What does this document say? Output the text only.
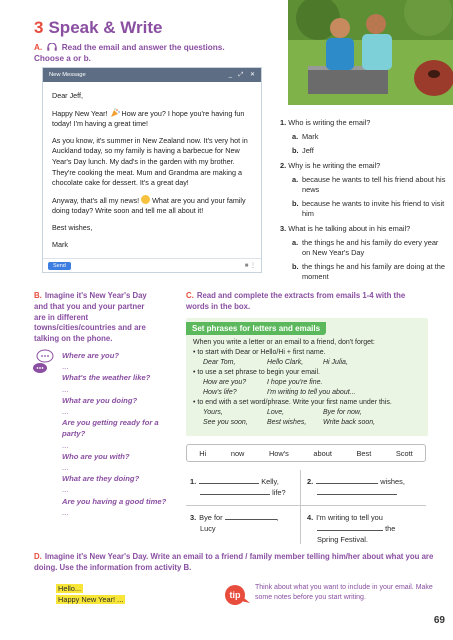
3 Speak & Write
A. Read the email and answer the questions.
Choose a or b.
New Message	_ ⤢ ✕

Dear Jeff,

Happy New Year! How are you? I hope you're having fun today! I'm having a great time!

As you know, it's summer in New Zealand now. It's very hot in Auckland today, so my family is having a barbecue for New Year's Day lunch. My dad's in the garden with my brother. They're cooking the meat. Mum and Grandma are making a chocolate cake for dessert. It's a great day!

Anyway, that's all my news! What are you and your family doing today? Write soon and tell me all about it!

Best wishes,

Mark

Send	■ ⋮
1. Who is writing the email?
a. Mark
b. Jeff
2. Why is he writing the email?
a. because he wants to tell his friend about his news
b. because he wants to invite his friend to visit him
3. What is he talking about in his email?
a. the things he and his family do every year on New Year's Day
b. the things he and his family are doing at the moment
B. Imagine it's New Year's Day and that you and your partner are in different towns/cities/countries and are talking on the phone.
Where are you?
...
What's the weather like?
...
What are you doing?
...
Are you getting ready for a party?
...
Who are you with?
...
What are they doing?
...
Are you having a good time?
...
C. Read and complete the extracts from emails 1-4 with the words in the box.
Set phrases for letters and emails
When you write a letter or an email to a friend, don't forget:
• to start with Dear or Hello/Hi + first name.
Dear Tom,	Hello Clark,	Hi Julia,
• to use a set phrase to begin your email.
How are you?	I hope you're fine.
How's life?	I'm writing to tell you about...
• to end with a set word/phrase. Write your first name under this.
Yours,	Love,	Bye for now,
See you soon,	Best wishes,	Write back soon,
Hi	now	How's	about	Best	Scott
1.	Kelly,
life?
2.	wishes,

3. Bye for	,
Lucy
4. I'm writing to tell you
the
Spring Festival.
D. Imagine it's New Year's Day. Write an email to a friend / family member telling him/her about what you are doing. Use the information from activity B.
Hello...
Happy New Year! ...	tip
Think about what you want to include in your email. Make some notes before you start writing.
69
